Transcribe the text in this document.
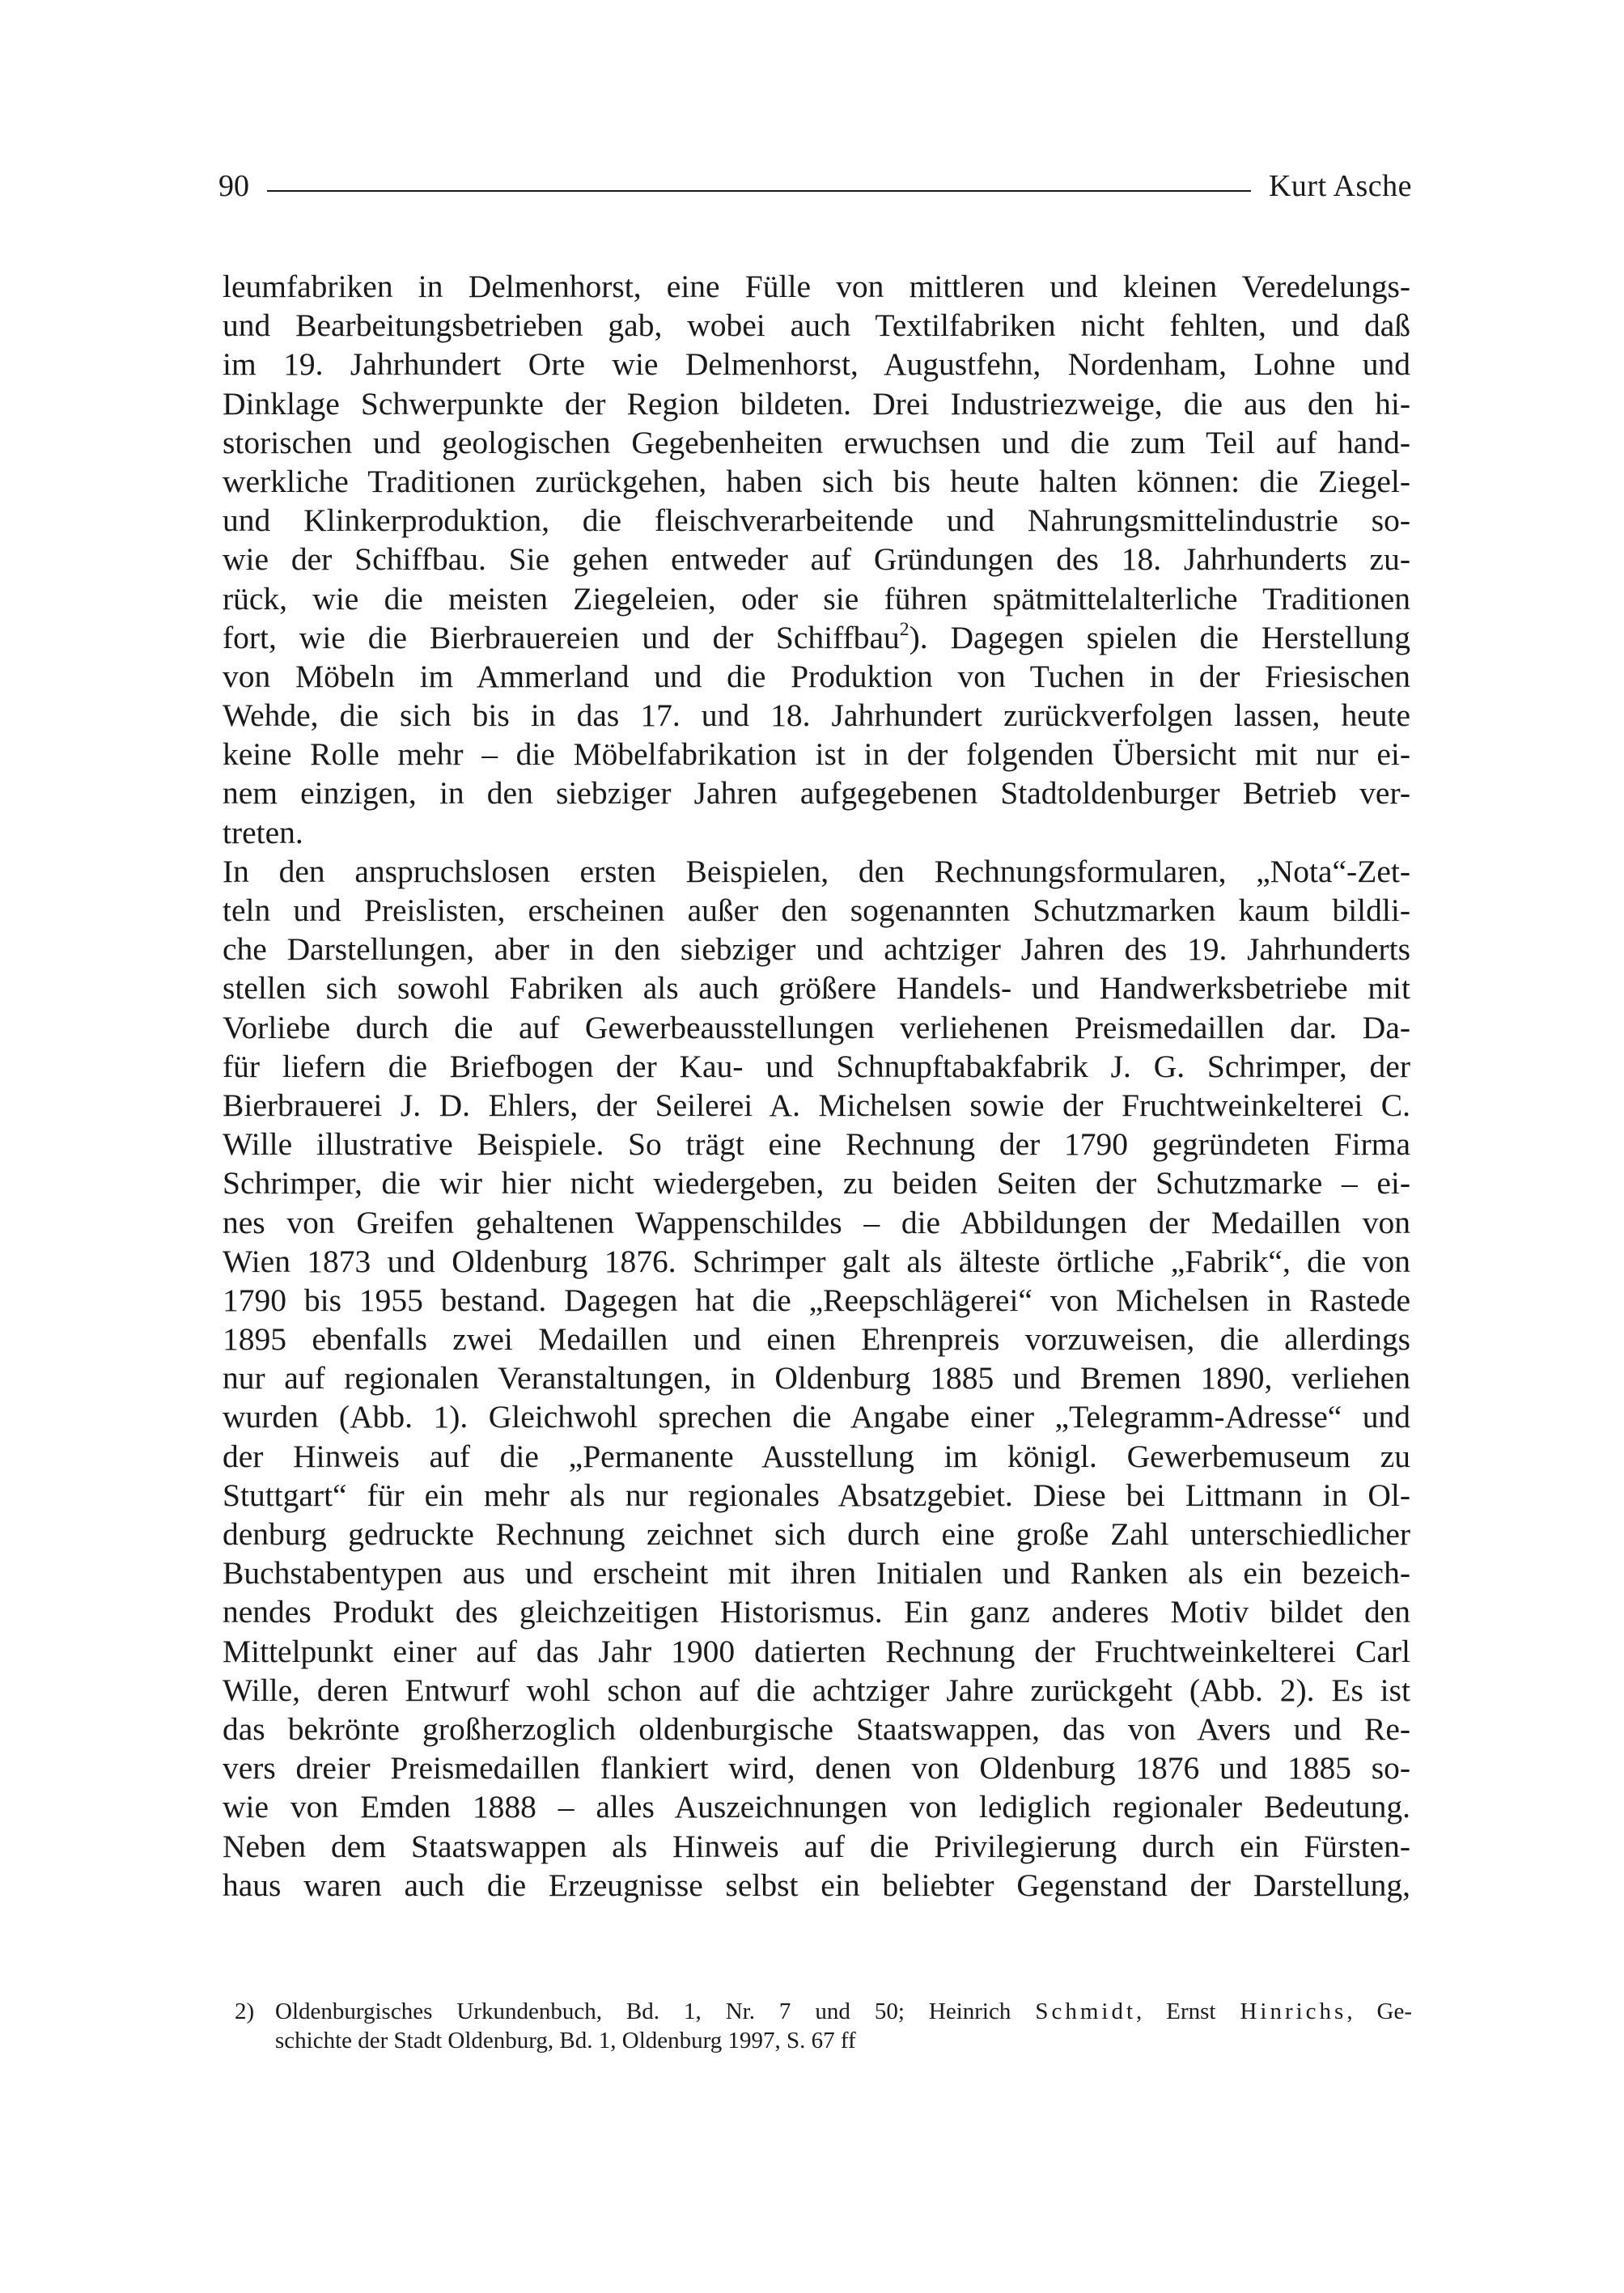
90	Kurt Asche
leumfabriken in Delmenhorst, eine Fülle von mittleren und kleinen Veredelungs-
und Bearbeitungsbetrieben gab, wobei auch Textilfabriken nicht fehlten, und daß
im 19. Jahrhundert Orte wie Delmenhorst, Augustfehn, Nordenham, Lohne und
Dinklage Schwerpunkte der Region bildeten. Drei Industriezweige, die aus den hi-
storischen und geologischen Gegebenheiten erwuchsen und die zum Teil auf hand-
werkliche Traditionen zurückgehen, haben sich bis heute halten können: die Ziegel-
und Klinkerproduktion, die fleischverarbeitende und Nahrungsmittelindustrie so-
wie der Schiffbau. Sie gehen entweder auf Gründungen des 18. Jahrhunderts zu-
rück, wie die meisten Ziegeleien, oder sie führen spätmittelalterliche Traditionen
fort, wie die Bierbrauereien und der Schiffbau$^2$). Dagegen spielen die Herstellung
von Möbeln im Ammerland und die Produktion von Tuchen in der Friesischen
Wehde, die sich bis in das 17. und 18. Jahrhundert zurückverfolgen lassen, heute
keine Rolle mehr – die Möbelfabrikation ist in der folgenden Übersicht mit nur ei-
nem einzigen, in den siebziger Jahren aufgegebenen Stadtoldenburger Betrieb ver-
treten.
In den anspruchslosen ersten Beispielen, den Rechnungsformularen, „Nota“-Zet-
teln und Preislisten, erscheinen außer den sogenannten Schutzmarken kaum bildli-
che Darstellungen, aber in den siebziger und achtziger Jahren des 19. Jahrhunderts
stellen sich sowohl Fabriken als auch größere Handels- und Handwerksbetriebe mit
Vorliebe durch die auf Gewerbeausstellungen verliehenen Preismedaillen dar. Da-
für liefern die Briefbogen der Kau- und Schnupftabakfabrik J. G. Schrimper, der
Bierbrauerei J. D. Ehlers, der Seilerei A. Michelsen sowie der Fruchtweinkelterei C.
Wille illustrative Beispiele. So trägt eine Rechnung der 1790 gegründeten Firma
Schrimper, die wir hier nicht wiedergeben, zu beiden Seiten der Schutzmarke – ei-
nes von Greifen gehaltenen Wappenschildes – die Abbildungen der Medaillen von
Wien 1873 und Oldenburg 1876. Schrimper galt als älteste örtliche „Fabrik“, die von
1790 bis 1955 bestand. Dagegen hat die „Reepschlägerei“ von Michelsen in Rastede
1895 ebenfalls zwei Medaillen und einen Ehrenpreis vorzuweisen, die allerdings
nur auf regionalen Veranstaltungen, in Oldenburg 1885 und Bremen 1890, verliehen
wurden (Abb. 1). Gleichwohl sprechen die Angabe einer „Telegramm-Adresse“ und
der Hinweis auf die „Permanente Ausstellung im königl. Gewerbemuseum zu
Stuttgart“ für ein mehr als nur regionales Absatzgebiet. Diese bei Littmann in Ol-
denburg gedruckte Rechnung zeichnet sich durch eine große Zahl unterschiedlicher
Buchstabentypen aus und erscheint mit ihren Initialen und Ranken als ein bezeich-
nendes Produkt des gleichzeitigen Historismus. Ein ganz anderes Motiv bildet den
Mittelpunkt einer auf das Jahr 1900 datierten Rechnung der Fruchtweinkelterei Carl
Wille, deren Entwurf wohl schon auf die achtziger Jahre zurückgeht (Abb. 2). Es ist
das bekrönte großherzoglich oldenburgische Staatswappen, das von Avers und Re-
vers dreier Preismedaillen flankiert wird, denen von Oldenburg 1876 und 1885 so-
wie von Emden 1888 – alles Auszeichnungen von lediglich regionaler Bedeutung.
Neben dem Staatswappen als Hinweis auf die Privilegierung durch ein Fürsten-
haus waren auch die Erzeugnisse selbst ein beliebter Gegenstand der Darstellung,
2) Oldenburgisches Urkundenbuch, Bd. 1, Nr. 7 und 50; Heinrich Schmidt, Ernst Hinrichs, Ge-
schichte der Stadt Oldenburg, Bd. 1, Oldenburg 1997, S. 67 ff
